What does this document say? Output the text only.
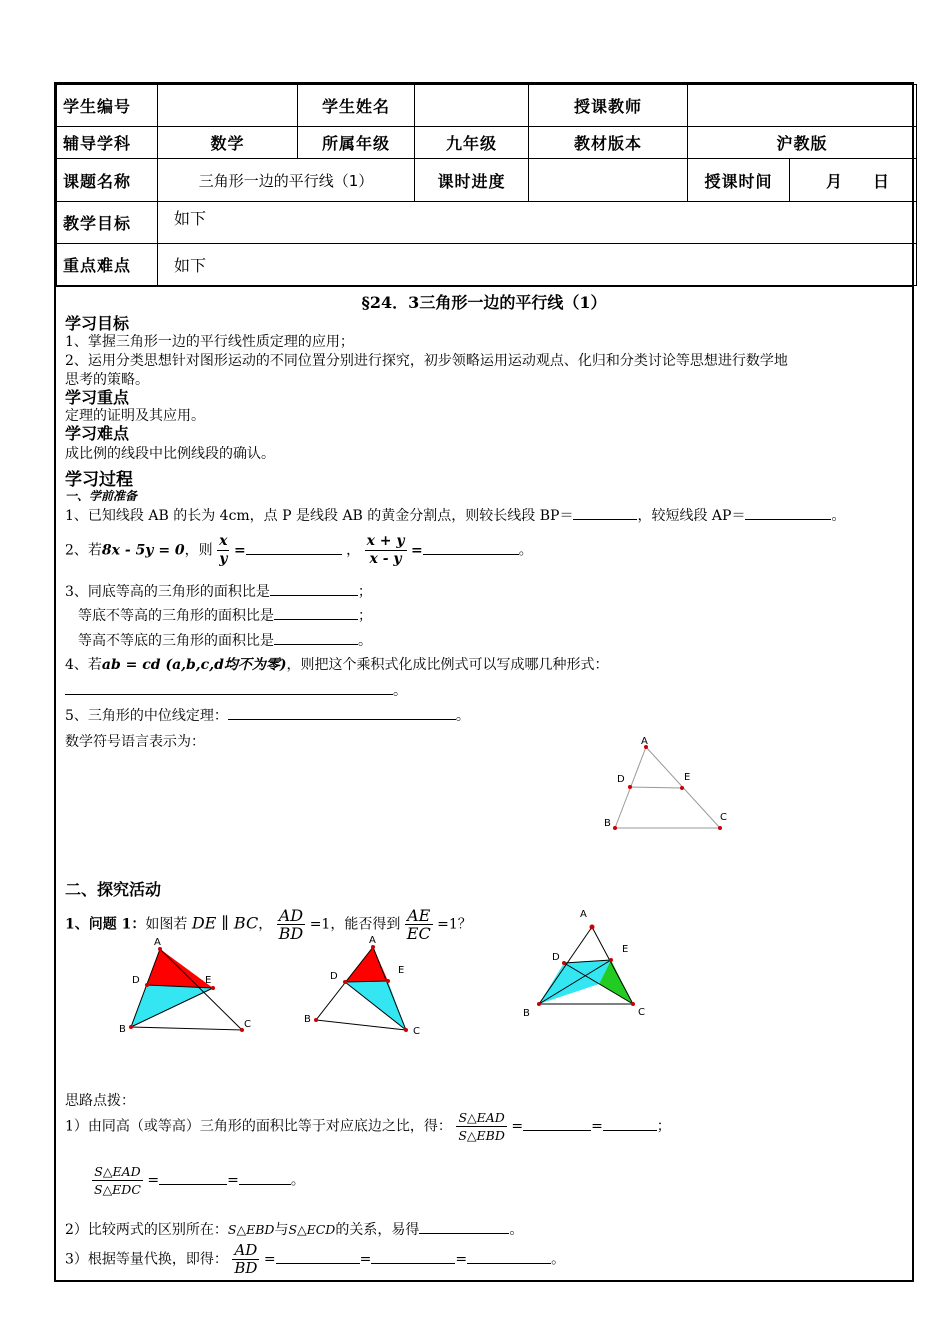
学生编号		学生姓名		授课教师		
辅导学科	数学	所属年级	九年级	教材版本	沪教版	
课题名称	三角形一边的平行线（1）		课时进度		授课时间	月 日
教学目标	如下					
重点难点	如下					
§24．3三角形一边的平行线（1）
学习目标
1、掌握三角形一边的平行线性质定理的应用；
2、运用分类思想针对图形运动的不同位置分别进行探究，初步领略运用运动观点、化归和分类讨论等思想进行数学地
思考的策略。
学习重点
定理的证明及其应用。
学习难点
成比例的线段中比例线段的确认。
学习过程
一、学前准备
1、已知线段 AB 的长为 4cm，点 P 是线段 AB 的黄金分割点，则较长线段 BP＝	，较短线段 AP＝	。
2、若8x - 5y = 0，则 $\frac{x}{y}$ =	， $\frac{x + y}{x - y}$ =	。
3、同底等高的三角形的面积比是	；
等底不等高的三角形的面积比是	；
等高不等底的三角形的面积比是	。
4、若ab = cd (a,b,c,d均不为零)，则把这个乘积式化成比例式可以写成哪几种形式：
。
5、三角形的中位线定理：	。
数学符号语言表示为：	A
D	E
B
C
二、探究活动
1、问题 1：如图若 DE ∥ BC， $\frac{AD}{BD} =1$，能否得到 $\frac{AE}{EC} =1$？
A
D	E
B	C
A
D
E
B
C
A
D
E
B	C
思路点拨：
1）由同高（或等高）三角形的面积比等于对应底边之比，得： $\frac{\text{S△EAD}}{\text{S△EBD}}$ =	=	；
$\frac{\text{S△EAD}}{\text{S△EDC}}$ =	=	。
2）比较两式的区别所在：S△EBD与S△ECD的关系，易得	。
3）根据等量代换，即得： $\frac{AD}{BD}$ =	=	=	。
